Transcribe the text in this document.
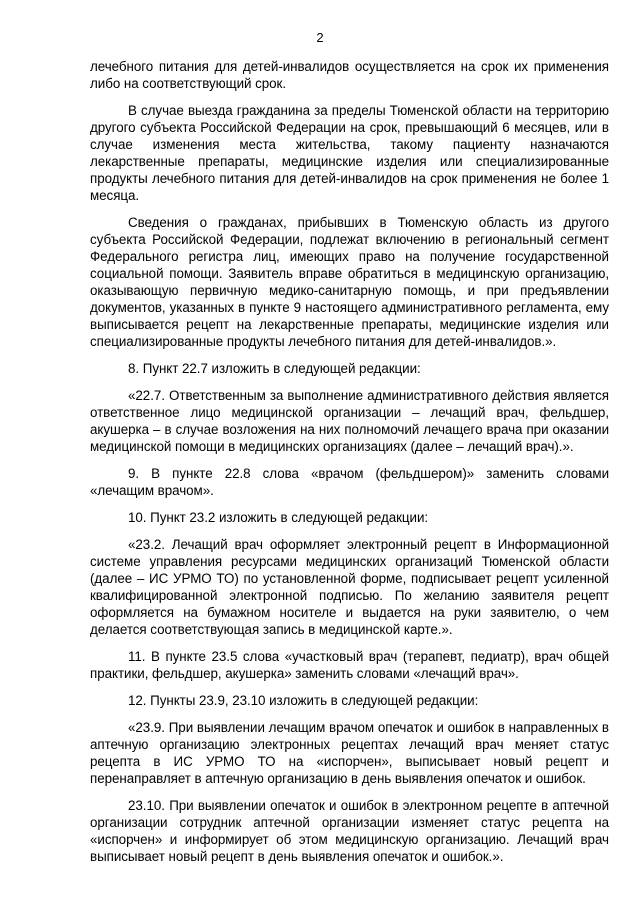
2

лечебного питания для детей-инвалидов осуществляется на срок их применения либо на соответствующий срок.

В случае выезда гражданина за пределы Тюменской области на территорию другого субъекта Российской Федерации на срок, превышающий 6 месяцев, или в случае изменения места жительства, такому пациенту назначаются лекарственные препараты, медицинские изделия или специализированные продукты лечебного питания для детей-инвалидов на срок применения не более 1 месяца.

Сведения о гражданах, прибывших в Тюменскую область из другого субъекта Российской Федерации, подлежат включению в региональный сегмент Федерального регистра лиц, имеющих право на получение государственной социальной помощи. Заявитель вправе обратиться в медицинскую организацию, оказывающую первичную медико-санитарную помощь, и при предъявлении документов, указанных в пункте 9 настоящего административного регламента, ему выписывается рецепт на лекарственные препараты, медицинские изделия или специализированные продукты лечебного питания для детей-инвалидов.».

8. Пункт 22.7 изложить в следующей редакции:

«22.7. Ответственным за выполнение административного действия является ответственное лицо медицинской организации – лечащий врач, фельдшер, акушерка – в случае возложения на них полномочий лечащего врача при оказании медицинской помощи в медицинских организациях (далее – лечащий врач).».

9. В пункте 22.8 слова «врачом (фельдшером)» заменить словами «лечащим врачом».

10. Пункт 23.2 изложить в следующей редакции:

«23.2. Лечащий врач оформляет электронный рецепт в Информационной системе управления ресурсами медицинских организаций Тюменской области (далее – ИС УРМО ТО) по установленной форме, подписывает рецепт усиленной квалифицированной электронной подписью. По желанию заявителя рецепт оформляется на бумажном носителе и выдается на руки заявителю, о чем делается соответствующая запись в медицинской карте.».

11. В пункте 23.5 слова «участковый врач (терапевт, педиатр), врач общей практики, фельдшер, акушерка» заменить словами «лечащий врач».

12. Пункты 23.9, 23.10 изложить в следующей редакции:

«23.9. При выявлении лечащим врачом опечаток и ошибок в направленных в аптечную организацию электронных рецептах лечащий врач меняет статус рецепта в ИС УРМО ТО на «испорчен», выписывает новый рецепт и перенаправляет в аптечную организацию в день выявления опечаток и ошибок.

23.10. При выявлении опечаток и ошибок в электронном рецепте в аптечной организации сотрудник аптечной организации изменяет статус рецепта на «испорчен» и информирует об этом медицинскую организацию. Лечащий врач выписывает новый рецепт в день выявления опечаток и ошибок.».
